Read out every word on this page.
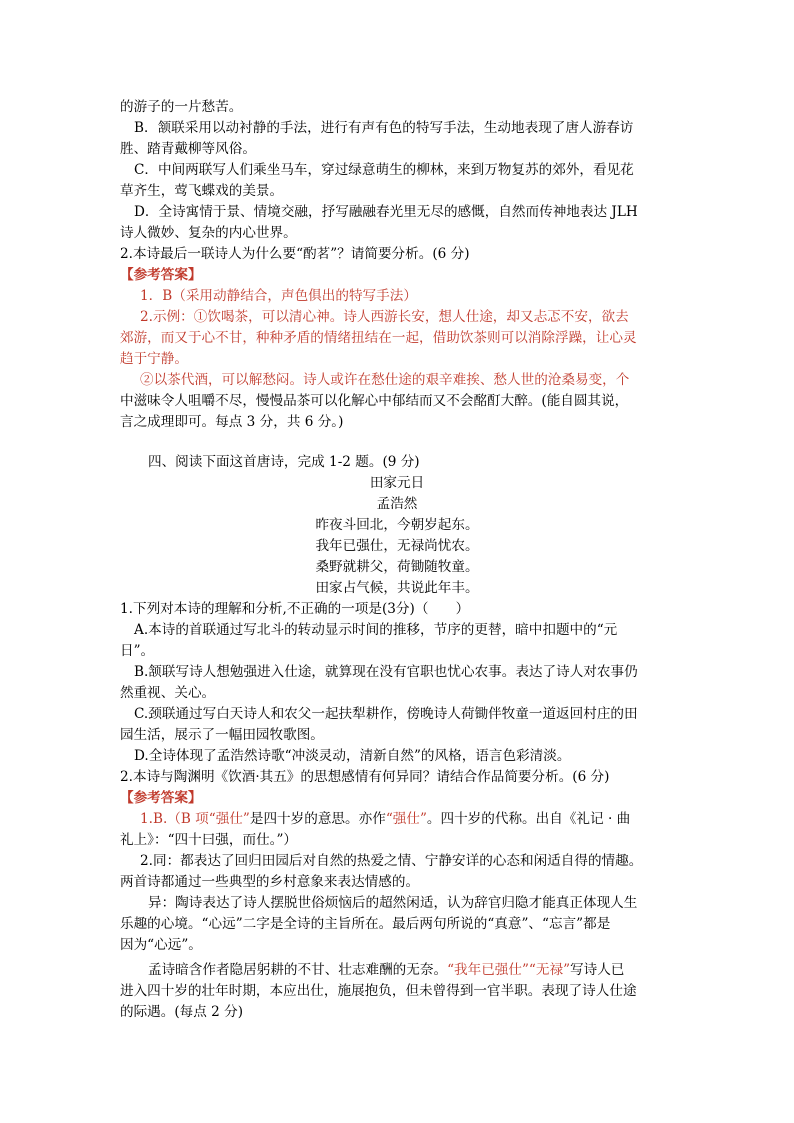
的游子的一片愁苦。
B．颔联采用以动衬静的手法，进行有声有色的特写手法，生动地表现了唐人游春访
胜、踏青戴柳等风俗。
C．中间两联写人们乘坐马车，穿过绿意萌生的柳林，来到万物复苏的郊外，看见花
草齐生，莺飞蝶戏的美景。
D．全诗寓情于景、情境交融，抒写融融春光里无尽的感慨，自然而传神地表达 JLH
诗人微妙、复杂的内心世界。
2.本诗最后一联诗人为什么要“酌茗”？请简要分析。(6 分)
【参考答案】
1．B（采用动静结合，声色俱出的特写手法）
2.示例：①饮喝茶，可以清心神。诗人西游长安，想人仕途，却又忐忑不安，欲去
郊游，而又于心不甘，种种矛盾的情绪扭结在一起，借助饮茶则可以消除浮躁，让心灵
趋于宁静。
②以茶代酒，可以解愁闷。诗人或许在愁仕途的艰辛难挨、愁人世的沧桑易变，个
中滋味令人咀嚼不尽，慢慢品茶可以化解心中郁结而又不会酩酊大醉。(能自圆其说，
言之成理即可。每点 3 分，共 6 分。)
四、阅读下面这首唐诗，完成 1-2 题。(9 分)
田家元日
孟浩然
昨夜斗回北，今朝岁起东。
我年已强仕，无禄尚忧农。
桑野就耕父，荷锄随牧童。
田家占气候，共说此年丰。
1.下列对本诗的理解和分析,不正确的一项是(3分)（　　）
A.本诗的首联通过写北斗的转动显示时间的推移，节序的更替，暗中扣题中的“元
日”。
B.颔联写诗人想勉强进入仕途，就算现在没有官职也忧心农事。表达了诗人对农事仍
然重视、关心。
C.颈联通过写白天诗人和农父一起扶犁耕作，傍晚诗人荷锄伴牧童一道返回村庄的田
园生活，展示了一幅田园牧歌图。
D.全诗体现了孟浩然诗歌“冲淡灵动，清新自然”的风格，语言色彩清淡。
2.本诗与陶渊明《饮酒·其五》的思想感情有何异同？请结合作品简要分析。(6 分)
【参考答案】
1.B.（B 项“强仕”是四十岁的意思。亦作“强仕”。四十岁的代称。出自《礼记 · 曲
礼上》：“四十曰强，而仕。”）
2.同：都表达了回归田园后对自然的热爱之情、宁静安详的心态和闲适自得的情趣。
两首诗都通过一些典型的乡村意象来表达情感的。
异：陶诗表达了诗人摆脱世俗烦恼后的超然闲适，认为辞官归隐才能真正体现人生
乐趣的心境。“心远”二字是全诗的主旨所在。最后两句所说的“真意”、“忘言”都是
因为“心远”。
孟诗暗含作者隐居躬耕的不甘、壮志难酬的无奈。“我年已强仕”“无禄”写诗人已
进入四十岁的壮年时期，本应出仕，施展抱负，但未曾得到一官半职。表现了诗人仕途
的际遇。(每点 2 分)
